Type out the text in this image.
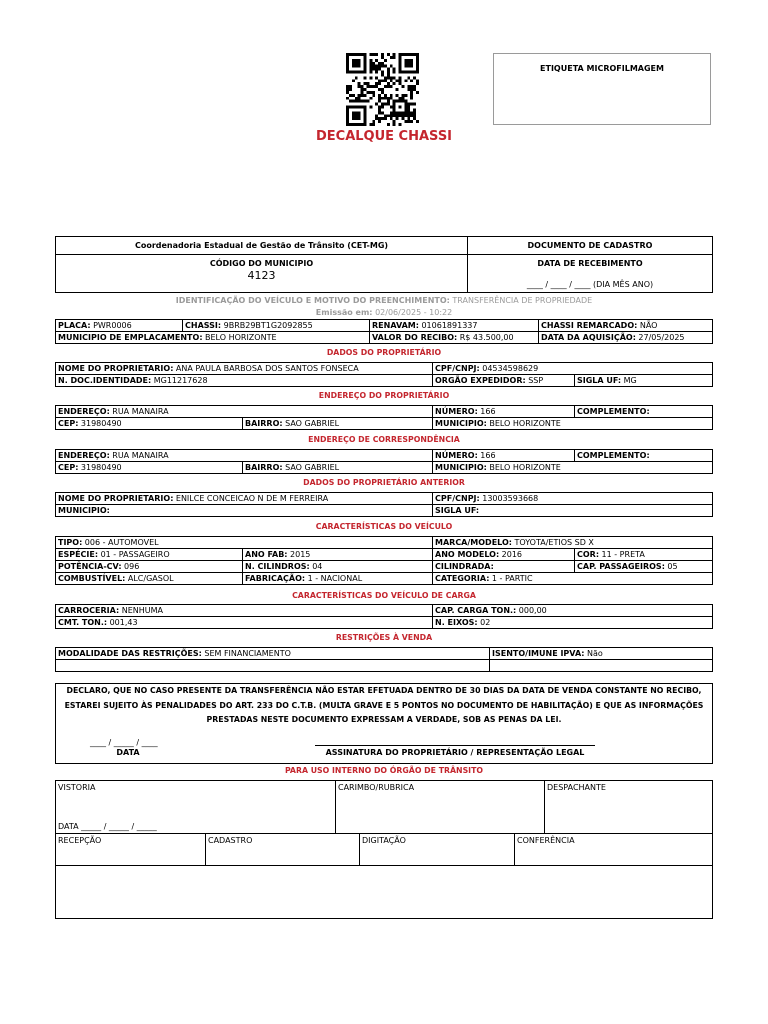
ETIQUETA MICROFILMAGEM
DECALQUE CHASSI
Coordenadoria Estadual de Gestão de Trânsito (CET-MG)	DOCUMENTO DE CADASTRO
CÓDIGO DO MUNICIPIO
4123
DATA DE RECEBIMENTO
____ / ____ / ____ (DIA MÊS ANO)
IDENTIFICAÇÃO DO VEÍCULO E MOTIVO DO PREENCHIMENTO: TRANSFERÊNCIA DE PROPRIEDADE
Emissão em: 02/06/2025 - 10:22
PLACA: PWR0006	CHASSI: 9BRB29BT1G2092855	RENAVAM: 01061891337	CHASSI REMARCADO: NÃO
MUNICIPIO DE EMPLACAMENTO: BELO HORIZONTE		VALOR DO RECIBO: R$ 43.500,00	DATA DA AQUISIÇÃO: 27/05/2025
DADOS DO PROPRIETÁRIO
NOME DO PROPRIETARIO: ANA PAULA BARBOSA DOS SANTOS FONSECA	CPF/CNPJ: 04534598629	
N. DOC.IDENTIDADE: MG11217628	ORGÃO EXPEDIDOR: SSP	SIGLA UF: MG
ENDEREÇO DO PROPRIETÁRIO
ENDEREÇO: RUA MANAIRA		NÚMERO: 166	COMPLEMENTO:
CEP: 31980490	BAIRRO: SAO GABRIEL	MUNICIPIO: BELO HORIZONTE	
ENDEREÇO DE CORRESPONDÊNCIA
ENDEREÇO: RUA MANAIRA		NÚMERO: 166	COMPLEMENTO:
CEP: 31980490	BAIRRO: SAO GABRIEL	MUNICIPIO: BELO HORIZONTE	
DADOS DO PROPRIETÁRIO ANTERIOR
NOME DO PROPRIETARIO: ENILCE CONCEICAO N DE M FERREIRA	CPF/CNPJ: 13003593668
MUNICIPIO:	SIGLA UF:
CARACTERÍSTICAS DO VEÍCULO
TIPO: 006 - AUTOMOVEL		MARCA/MODELO: TOYOTA/ETIOS SD X	
ESPÉCIE: 01 - PASSAGEIRO	ANO FAB: 2015	ANO MODELO: 2016	COR: 11 - PRETA
POTÊNCIA-CV: 096	N. CILINDROS: 04	CILINDRADA:	CAP. PASSAGEIROS: 05
COMBUSTÍVEL: ALC/GASOL	FABRICAÇÃO: 1 - NACIONAL	CATEGORIA: 1 - PARTIC	
CARACTERÍSTICAS DO VEÍCULO DE CARGA
CARROCERIA: NENHUMA	CAP. CARGA TON.: 000,00
CMT. TON.: 001,43	N. EIXOS: 02
RESTRIÇÕES À VENDA
MODALIDADE DAS RESTRIÇÕES: SEM FINANCIAMENTO	ISENTO/IMUNE IPVA: Não

DECLARO, QUE NO CASO PRESENTE DA TRANSFERÊNCIA NÃO ESTAR EFETUADA DENTRO DE 30 DIAS DA DATA DE VENDA CONSTANTE NO RECIBO,
ESTAREI SUJEITO ÀS PENALIDADES DO ART. 233 DO C.T.B. (MULTA GRAVE E 5 PONTOS NO DOCUMENTO DE HABILITAÇÃO) E QUE AS INFORMAÇÕES
PRESTADAS NESTE DOCUMENTO EXPRESSAM A VERDADE, SOB AS PENAS DA LEI.
____ / _____ / ____
DATA	ASSINATURA DO PROPRIETÁRIO / REPRESENTAÇÃO LEGAL
PARA USO INTERNO DO ÓRGÃO DE TRÂNSITO
VISTORIA
DATA _____ / _____ / _____
CARIMBO/RUBRICA	DESPACHANTE
RECEPÇÃO	CADASTRO	DIGITAÇÃO	CONFERÊNCIA
